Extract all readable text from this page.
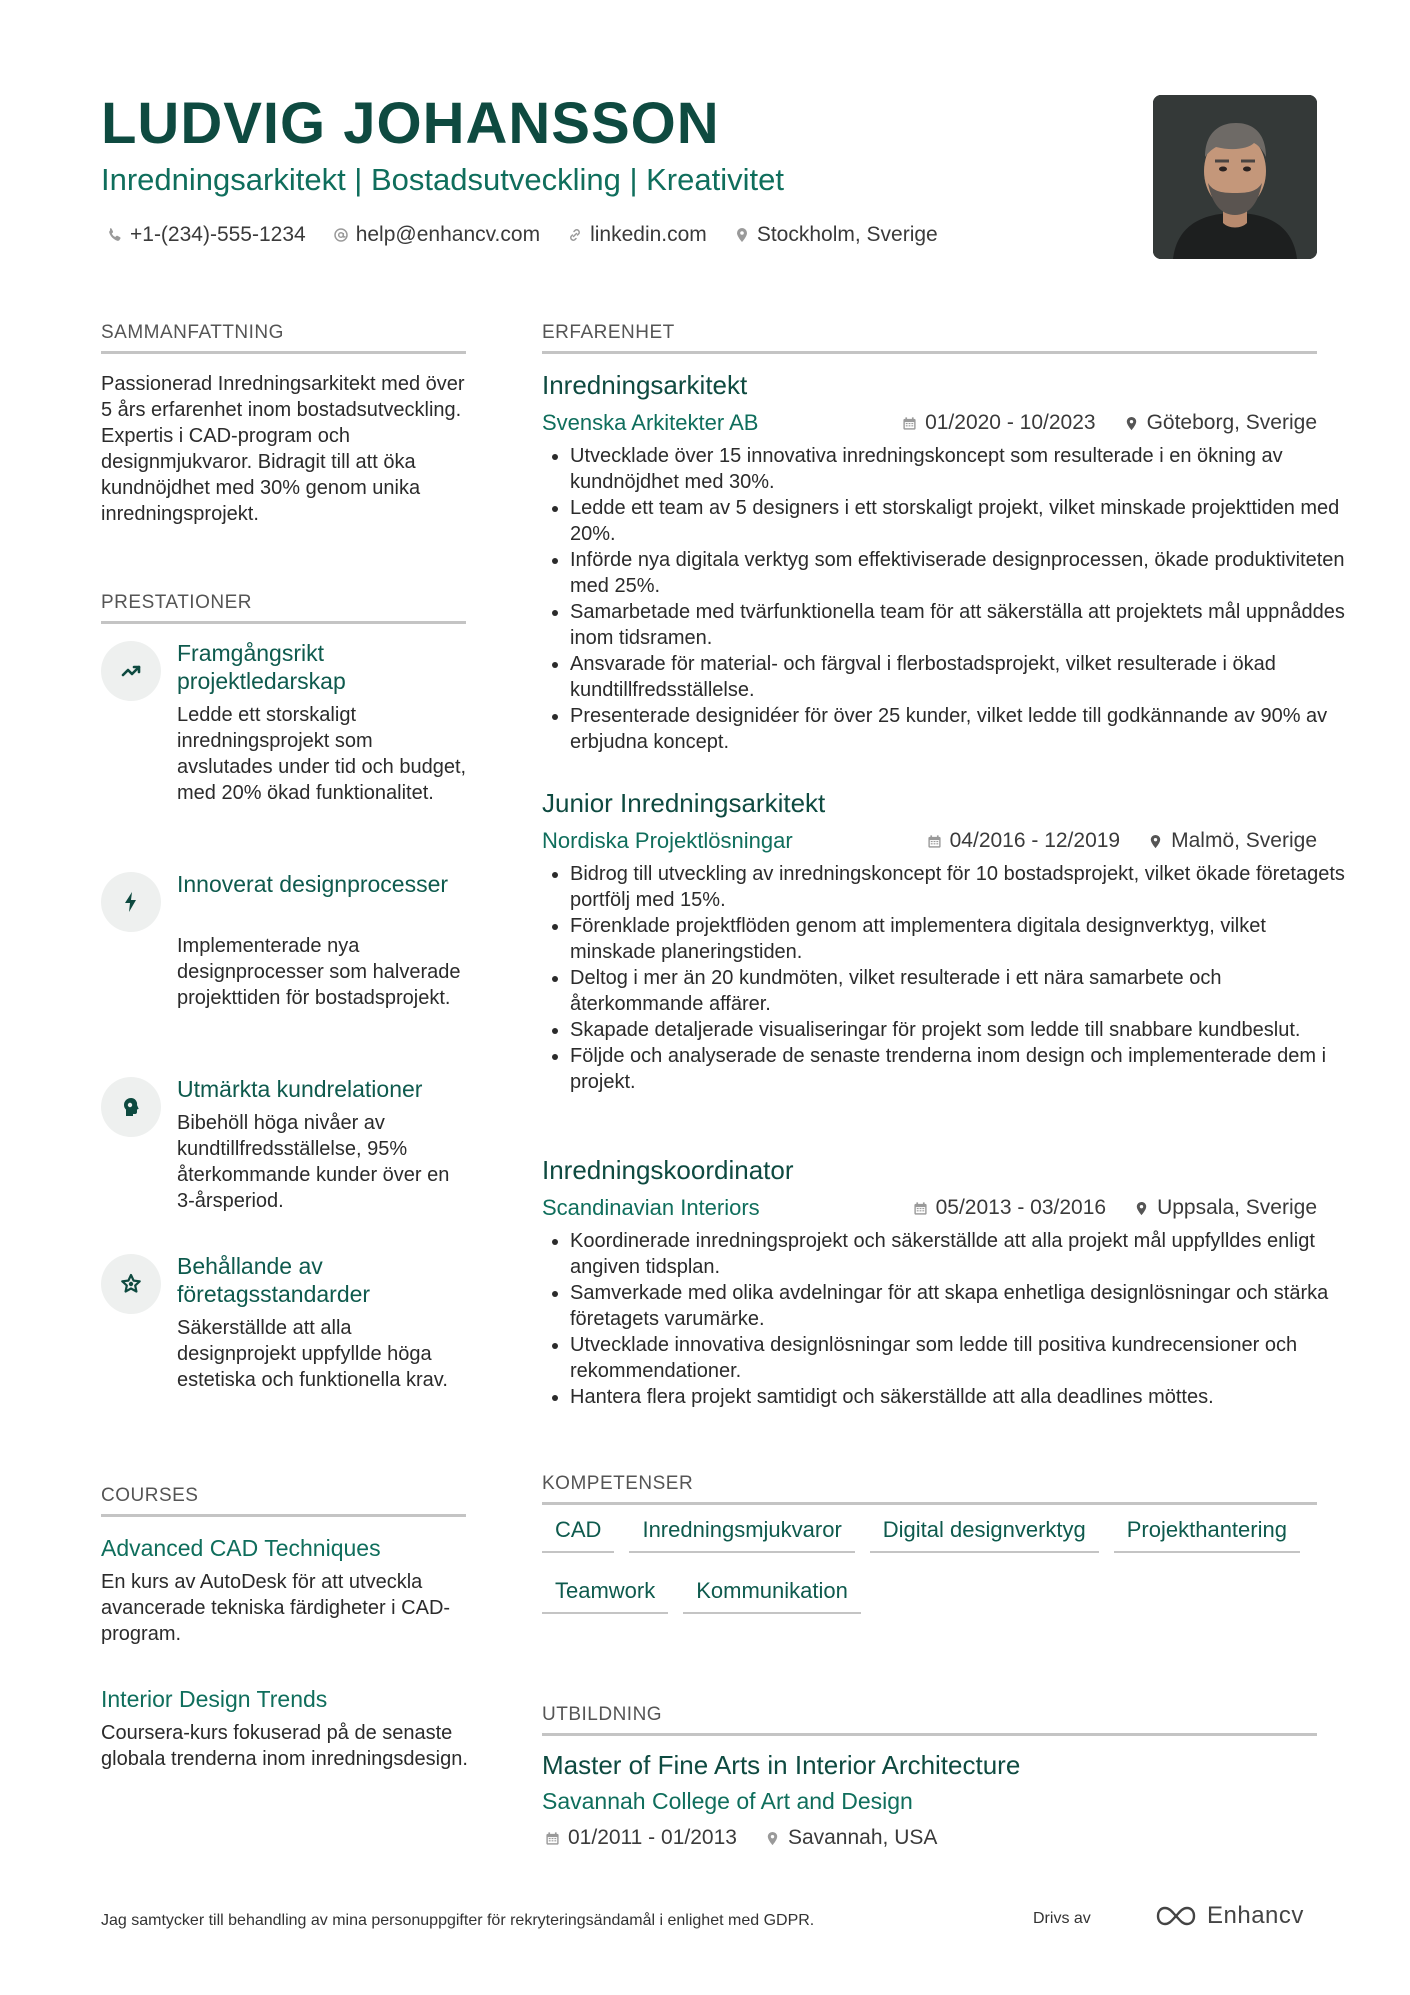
LUDVIG JOHANSSON
Inredningsarkitekt | Bostadsutveckling | Kreativitet
+1-(234)-555-1234 help@enhancv.com linkedin.com Stockholm, Sverige
SAMMANFATTNING
Passionerad Inredningsarkitekt med över 5 års erfarenhet inom bostadsutveckling. Expertis i CAD-program och designmjukvaror. Bidragit till att öka kundnöjdhet med 30% genom unika inredningsprojekt.
PRESTATIONER
Framgångsrikt projektledarskap
Ledde ett storskaligt inredningsprojekt som avslutades under tid och budget, med 20% ökad funktionalitet.
Innoverat designprocesser
Implementerade nya designprocesser som halverade projekttiden för bostadsprojekt.
Utmärkta kundrelationer
Bibehöll höga nivåer av kundtillfredsställelse, 95% återkommande kunder över en 3-årsperiod.
Behållande av företagsstandarder
Säkerställde att alla designprojekt uppfyllde höga estetiska och funktionella krav.
COURSES
Advanced CAD Techniques
En kurs av AutoDesk för att utveckla avancerade tekniska färdigheter i CAD-program.
Interior Design Trends
Coursera-kurs fokuserad på de senaste globala trenderna inom inredningsdesign.
ERFARENHET
Inredningsarkitekt
Svenska Arkitekter AB	01/2020 - 10/2023 Göteborg, Sverige
• Utvecklade över 15 innovativa inredningskoncept som resulterade i en ökning av kundnöjdhet med 30%.
• Ledde ett team av 5 designers i ett storskaligt projekt, vilket minskade projekttiden med 20%.
• Införde nya digitala verktyg som effektiviserade designprocessen, ökade produktiviteten med 25%.
• Samarbetade med tvärfunktionella team för att säkerställa att projektets mål uppnåddes inom tidsramen.
• Ansvarade för material- och färgval i flerbostadsprojekt, vilket resulterade i ökad kundtillfredsställelse.
• Presenterade designidéer för över 25 kunder, vilket ledde till godkännande av 90% av erbjudna koncept.
Junior Inredningsarkitekt
Nordiska Projektlösningar	04/2016 - 12/2019 Malmö, Sverige
• Bidrog till utveckling av inredningskoncept för 10 bostadsprojekt, vilket ökade företagets portfölj med 15%.
• Förenklade projektflöden genom att implementera digitala designverktyg, vilket minskade planeringstiden.
• Deltog i mer än 20 kundmöten, vilket resulterade i ett nära samarbete och återkommande affärer.
• Skapade detaljerade visualiseringar för projekt som ledde till snabbare kundbeslut.
• Följde och analyserade de senaste trenderna inom design och implementerade dem i projekt.
Inredningskoordinator
Scandinavian Interiors	05/2013 - 03/2016 Uppsala, Sverige
• Koordinerade inredningsprojekt och säkerställde att alla projekt mål uppfylldes enligt angiven tidsplan.
• Samverkade med olika avdelningar för att skapa enhetliga designlösningar och stärka företagets varumärke.
• Utvecklade innovativa designlösningar som ledde till positiva kundrecensioner och rekommendationer.
• Hantera flera projekt samtidigt och säkerställde att alla deadlines möttes.
KOMPETENSER
CAD	Inredningsmjukvaror	Digital designverktyg	Projekthantering
Teamwork	Kommunikation
UTBILDNING
Master of Fine Arts in Interior Architecture
Savannah College of Art and Design
01/2011 - 01/2013 Savannah, USA
Jag samtycker till behandling av mina personuppgifter för rekryteringsändamål i enlighet med GDPR.	Drivs av	Enhancv
